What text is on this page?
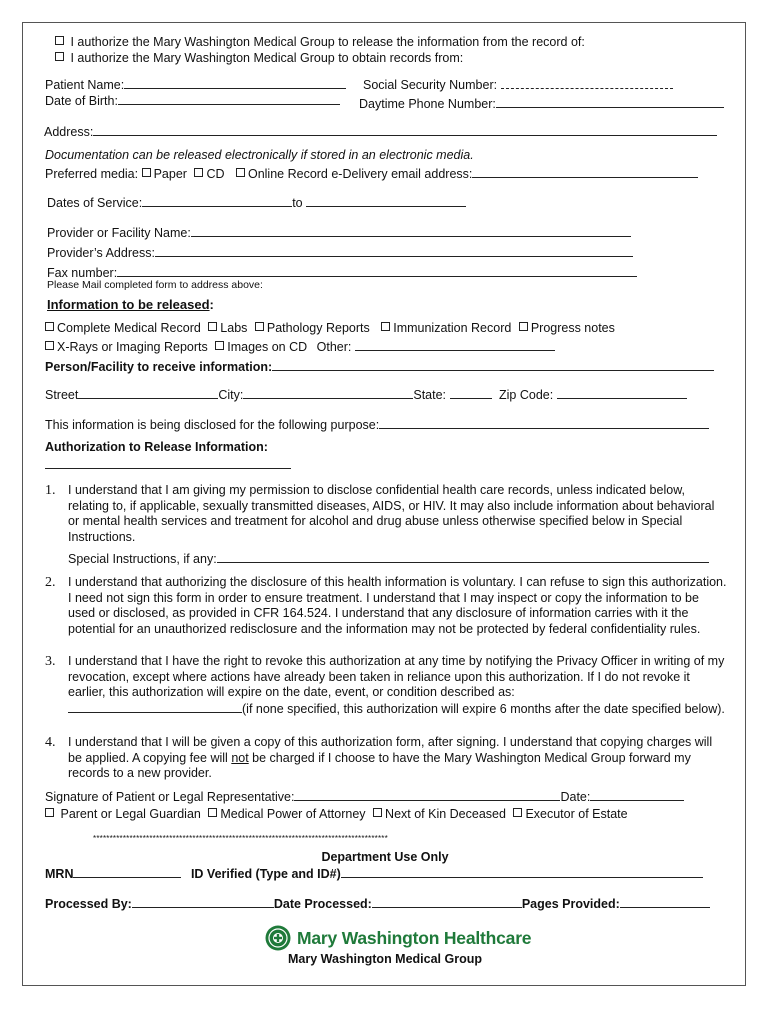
I authorize the Mary Washington Medical Group to release the information from the record of:
I authorize the Mary Washington Medical Group to obtain records from:
Patient Name:	Social Security Number:
Date of Birth:	Daytime Phone Number:
Address:
Documentation can be released electronically if stored in an electronic media.
Preferred media: Paper CD Online Record e-Delivery email address:
Dates of Service:	to
Provider or Facility Name:
Provider’s Address:
Fax number:
Please Mail completed form to address above:
Information to be released:
Complete Medical Record Labs Pathology Reports Immunization Record Progress notes
X-Rays or Imaging Reports Images on CD Other:
Person/Facility to receive information:
Street	City:	State:	Zip Code:
This information is being disclosed for the following purpose:
Authorization to Release Information:
1. I understand that I am giving my permission to disclose confidential health care records, unless indicated below, relating to, if applicable, sexually transmitted diseases, AIDS, or HIV. It may also include information about behavioral or mental health services and treatment for alcohol and drug abuse unless otherwise specified below in Special Instructions.
Special Instructions, if any:
2. I understand that authorizing the disclosure of this health information is voluntary. I can refuse to sign this authorization. I need not sign this form in order to ensure treatment. I understand that I may inspect or copy the information to be used or disclosed, as provided in CFR 164.524. I understand that any disclosure of information carries with it the potential for an unauthorized redisclosure and the information may not be protected by federal confidentiality rules.
3. I understand that I have the right to revoke this authorization at any time by notifying the Privacy Officer in writing of my revocation, except where actions have already been taken in reliance upon this authorization. If I do not revoke it earlier, this authorization will expire on the date, event, or condition described as:
(if none specified, this authorization will expire 6 months after the date specified below).
4. I understand that I will be given a copy of this authorization form, after signing. I understand that copying charges will be applied. A copying fee will not be charged if I choose to have the Mary Washington Medical Group forward my records to a new provider.
Signature of Patient or Legal Representative:	Date:
Parent or Legal Guardian Medical Power of Attorney Next of Kin Deceased Executor of Estate
*****************************************************************************************
Department Use Only
MRN	ID Verified (Type and ID#)
Processed By:	Date Processed:	Pages Provided:
Mary Washington Healthcare
Mary Washington Medical Group
